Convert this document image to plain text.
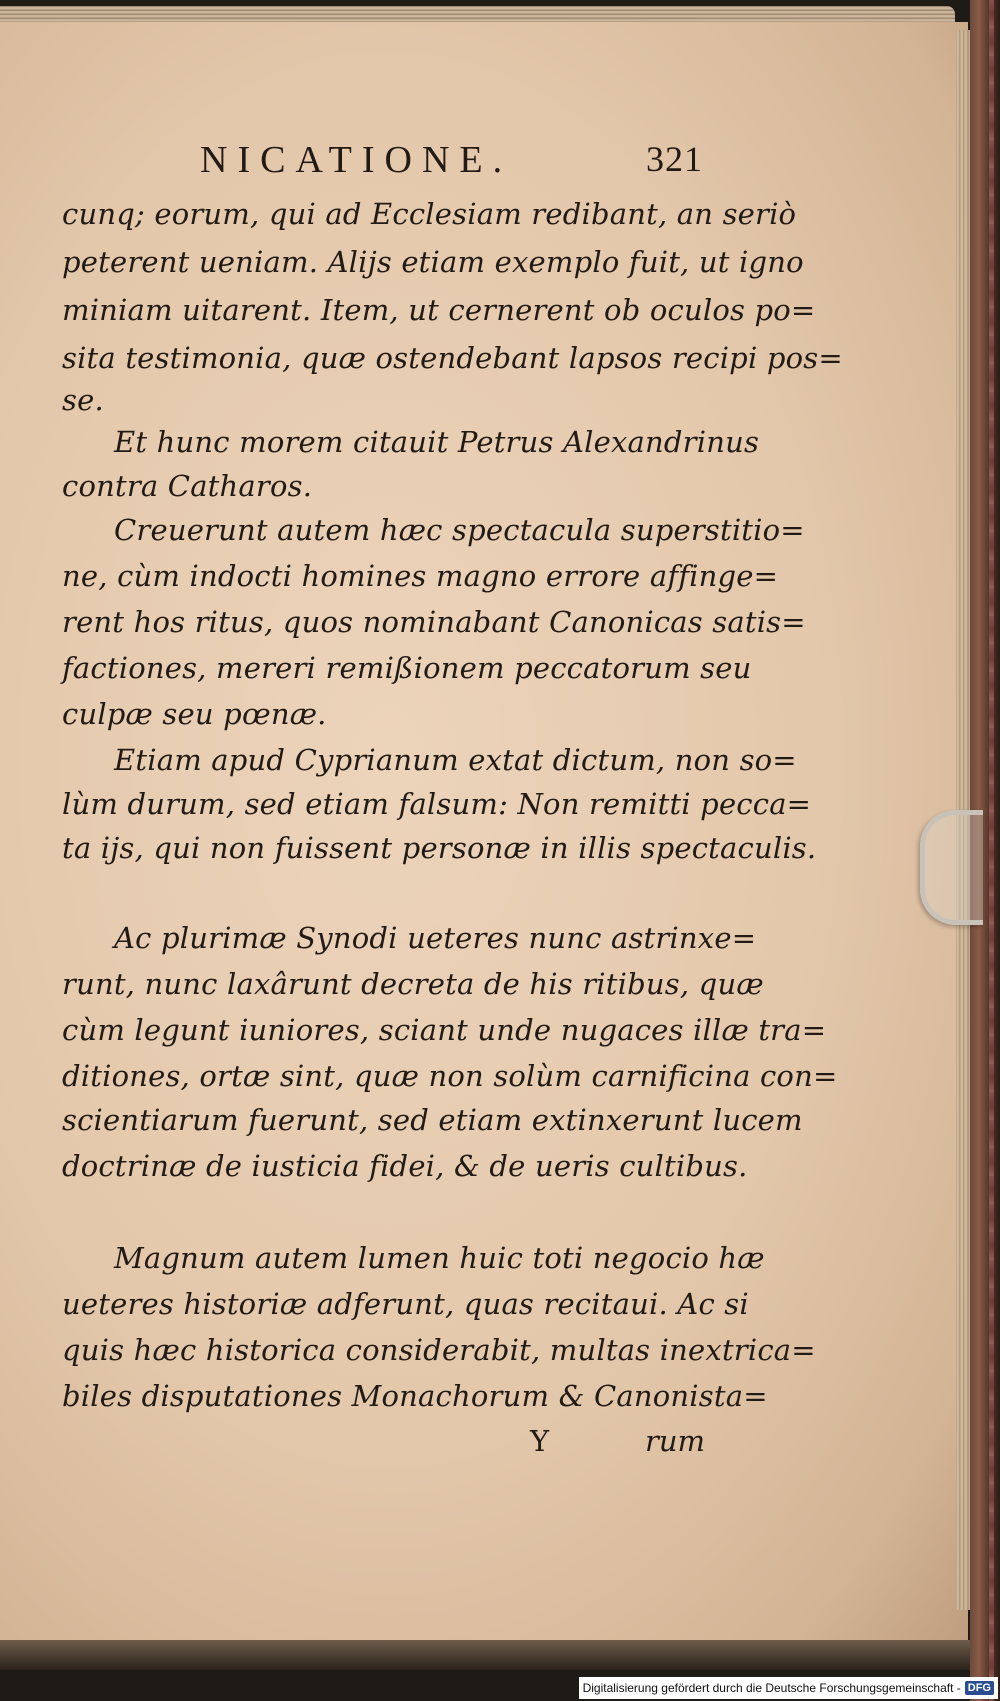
NICATIONE.	321
cunq; eorum, qui ad Ecclesiam redibant, an seriò
peterent ueniam. Alijs etiam exemplo fuit, ut igno
miniam uitarent. Item, ut cernerent ob oculos po=
sita testimonia, quæ ostendebant lapsos recipi pos=
se.
Et hunc morem citauit Petrus Alexandrinus
contra Catharos.
Creuerunt autem hæc spectacula superstitio=
ne, cùm indocti homines magno errore affinge=
rent hos ritus, quos nominabant Canonicas satis=
factiones, mereri remißionem peccatorum seu
culpæ seu pœnæ.
Etiam apud Cyprianum extat dictum, non so=
lùm durum, sed etiam falsum: Non remitti pecca=
ta ijs, qui non fuissent personæ in illis spectaculis.
Ac plurimæ Synodi ueteres nunc astrinxe=
runt, nunc laxârunt decreta de his ritibus, quæ
cùm legunt iuniores, sciant unde nugaces illæ tra=
ditiones, ortæ sint, quæ non solùm carnificina con=
scientiarum fuerunt, sed etiam extinxerunt lucem
doctrinæ de iusticia fidei, & de ueris cultibus.
Magnum autem lumen huic toti negocio hæ
ueteres historiæ adferunt, quas recitaui. Ac si
quis hæc historica considerabit, multas inextrica=
biles disputationes Monachorum & Canonista=
Y	rum
Digitalisierung gefördert durch die Deutsche Forschungsgemeinschaft - DFG
